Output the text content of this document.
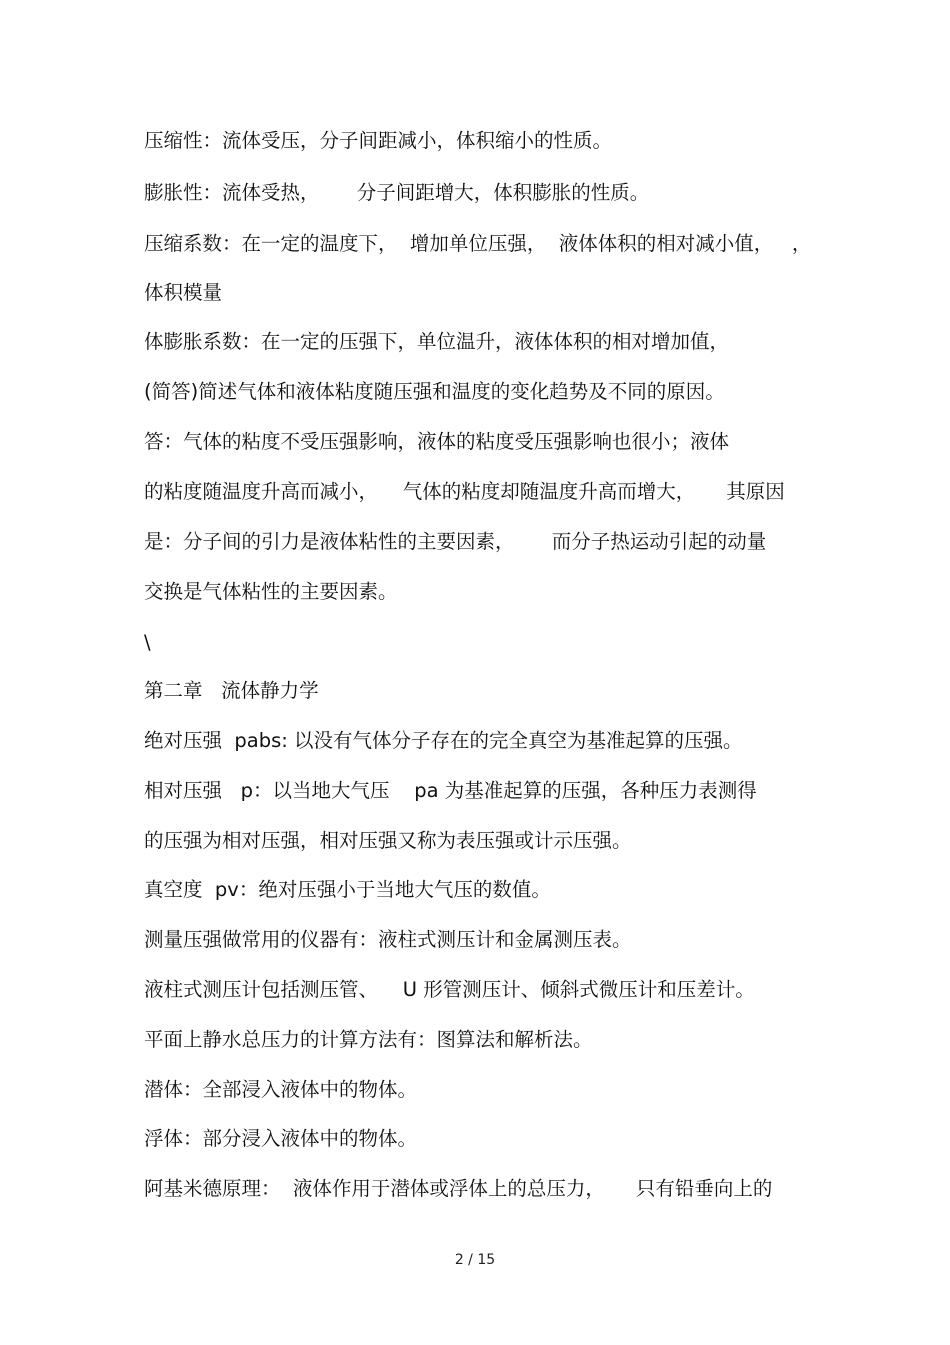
压缩性：流体受压，分子间距减小，体积缩小的性质。
膨胀性：流体受热，      分子间距增大，体积膨胀的性质。
压缩系数：在一定的温度下，  增加单位压强，  液体体积的相对减小值，   ，
体积模量
体膨胀系数：在一定的压强下，单位温升，液体体积的相对增加值，
(简答)简述气体和液体粘度随压强和温度的变化趋势及不同的原因。
答：气体的粘度不受压强影响，液体的粘度受压强影响也很小；液体
的粘度随温度升高而减小，    气体的粘度却随温度升高而增大，     其原因
是：分子间的引力是液体粘性的主要因素，      而分子热运动引起的动量
交换是气体粘性的主要因素。
\
第二章   流体静力学
绝对压强  pabs: 以没有气体分子存在的完全真空为基准起算的压强。
相对压强   p：以当地大气压    pa 为基准起算的压强，各种压力表测得
的压强为相对压强，相对压强又称为表压强或计示压强。
真空度  pv：绝对压强小于当地大气压的数值。
测量压强做常用的仪器有：液柱式测压计和金属测压表。
液柱式测压计包括测压管、    U 形管测压计、倾斜式微压计和压差计。
平面上静水总压力的计算方法有：图算法和解析法。
潜体：全部浸入液体中的物体。
浮体：部分浸入液体中的物体。
阿基米德原理：  液体作用于潜体或浮体上的总压力，     只有铅垂向上的
2 / 15
